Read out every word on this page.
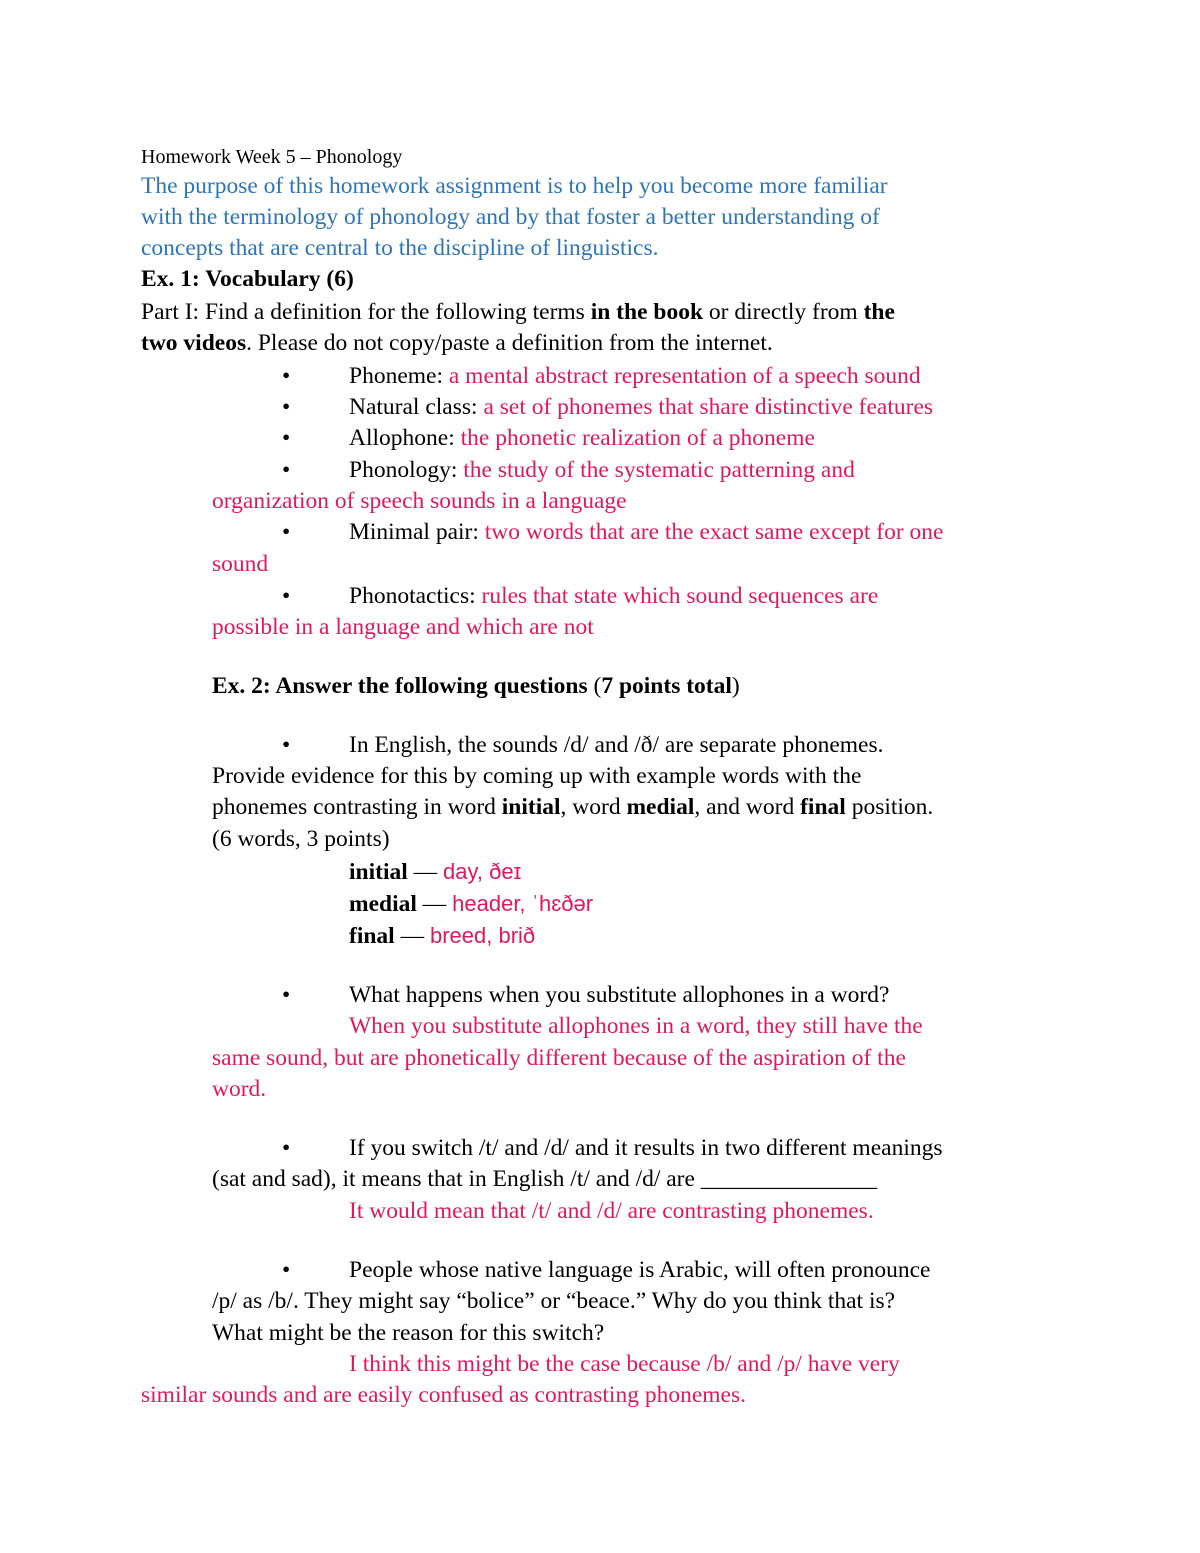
Homework Week 5 – Phonology
The purpose of this homework assignment is to help you become more familiar
with the terminology of phonology and by that foster a better understanding of
concepts that are central to the discipline of linguistics.
Ex. 1: Vocabulary (6)
Part I: Find a definition for the following terms in the book or directly from the
two videos. Please do not copy/paste a definition from the internet.
•	Phoneme: a mental abstract representation of a speech sound
•	Natural class: a set of phonemes that share distinctive features
•	Allophone: the phonetic realization of a phoneme
•	Phonology: the study of the systematic patterning and
organization of speech sounds in a language
•	Minimal pair: two words that are the exact same except for one
sound
•	Phonotactics: rules that state which sound sequences are
possible in a language and which are not
Ex. 2: Answer the following questions (7 points total)
•	In English, the sounds /d/ and /ð/ are separate phonemes.
Provide evidence for this by coming up with example words with the
phonemes contrasting in word initial, word medial, and word final position.
(6 words, 3 points)
initial — day, ðeɪ
medial — header, ˈhɛðər
final — breed, brið
•	What happens when you substitute allophones in a word?
When you substitute allophones in a word, they still have the
same sound, but are phonetically different because of the aspiration of the
word.
•	If you switch /t/ and /d/ and it results in two different meanings
(sat and sad), it means that in English /t/ and /d/ are _______________
It would mean that /t/ and /d/ are contrasting phonemes.
•	People whose native language is Arabic, will often pronounce
/p/ as /b/. They might say “bolice” or “beace.” Why do you think that is?
What might be the reason for this switch?
I think this might be the case because /b/ and /p/ have very
similar sounds and are easily confused as contrasting phonemes.
